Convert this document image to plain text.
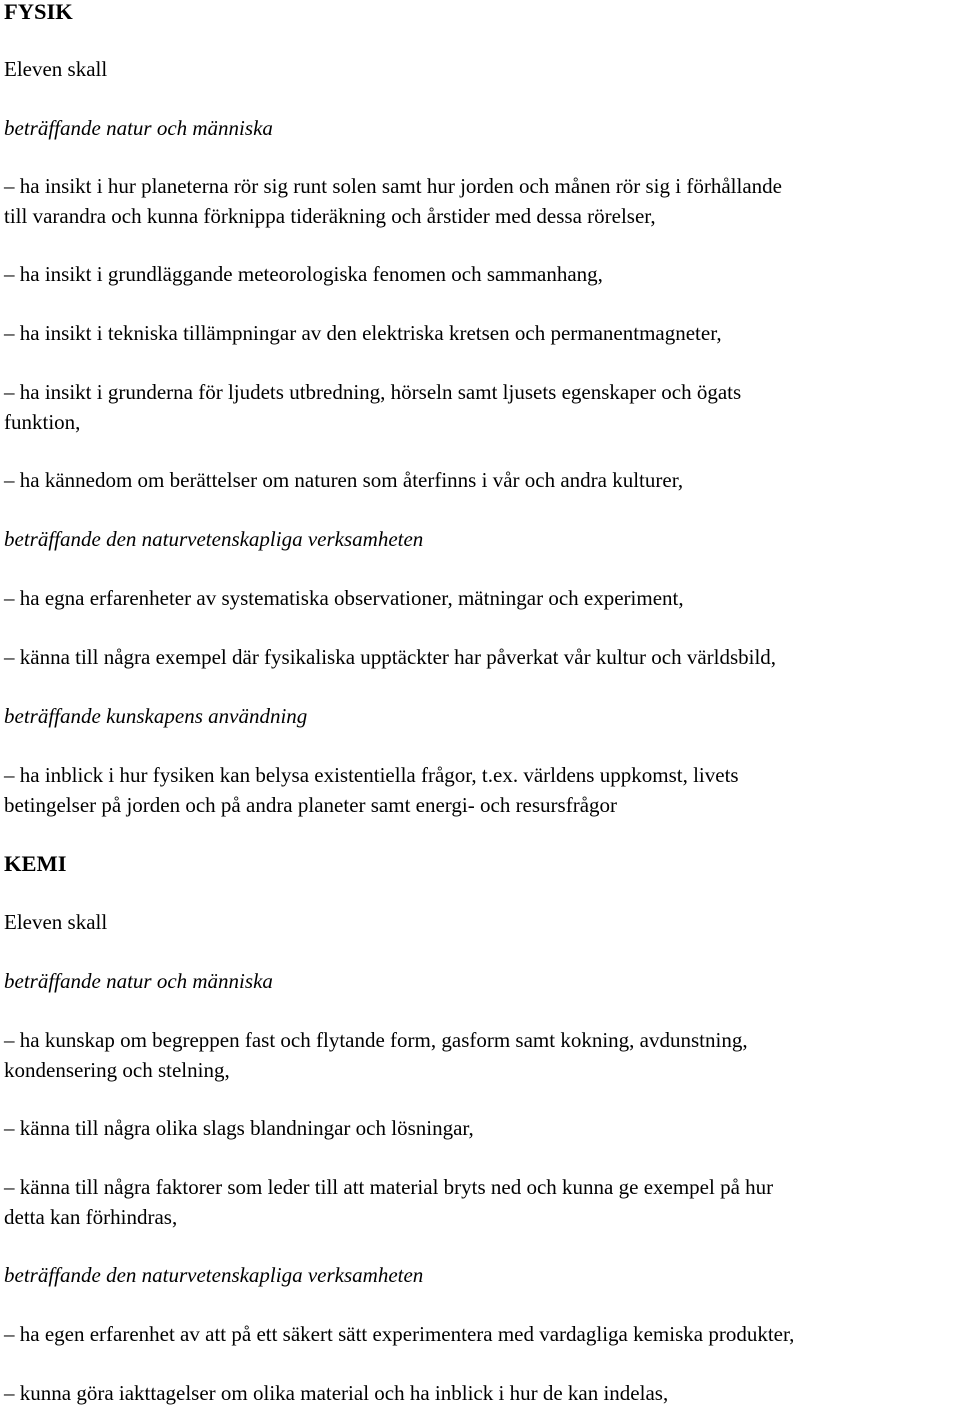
FYSIK
Eleven skall
beträffande natur och människa
– ha insikt i hur planeterna rör sig runt solen samt hur jorden och månen rör sig i förhållande
till varandra och kunna förknippa tideräkning och årstider med dessa rörelser,
– ha insikt i grundläggande meteorologiska fenomen och sammanhang,
– ha insikt i tekniska tillämpningar av den elektriska kretsen och permanentmagneter,
– ha insikt i grunderna för ljudets utbredning, hörseln samt ljusets egenskaper och ögats
funktion,
– ha kännedom om berättelser om naturen som återfinns i vår och andra kulturer,
beträffande den naturvetenskapliga verksamheten
– ha egna erfarenheter av systematiska observationer, mätningar och experiment,
– känna till några exempel där fysikaliska upptäckter har påverkat vår kultur och världsbild,
beträffande kunskapens användning
– ha inblick i hur fysiken kan belysa existentiella frågor, t.ex. världens uppkomst, livets
betingelser på jorden och på andra planeter samt energi- och resursfrågor
KEMI
Eleven skall
beträffande natur och människa
– ha kunskap om begreppen fast och flytande form, gasform samt kokning, avdunstning,
kondensering och stelning,
– känna till några olika slags blandningar och lösningar,
– känna till några faktorer som leder till att material bryts ned och kunna ge exempel på hur
detta kan förhindras,
beträffande den naturvetenskapliga verksamheten
– ha egen erfarenhet av att på ett säkert sätt experimentera med vardagliga kemiska produkter,
– kunna göra iakttagelser om olika material och ha inblick i hur de kan indelas,
